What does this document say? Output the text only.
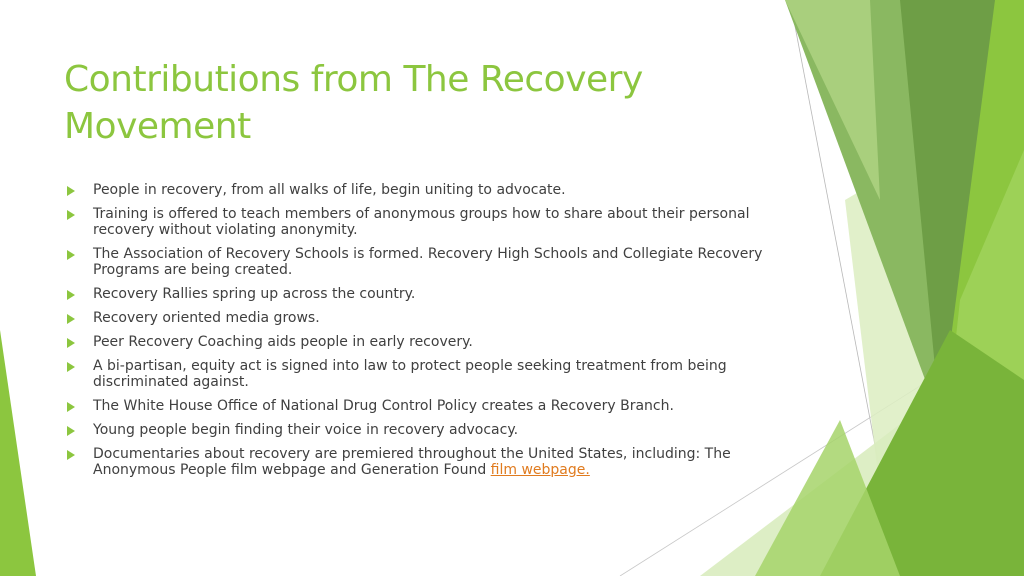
Contributions from The Recovery Movement
People in recovery, from all walks of life, begin uniting to advocate.
Training is offered to teach members of anonymous groups how to share about their personal recovery without violating anonymity.
The Association of Recovery Schools is formed. Recovery High Schools and Collegiate Recovery Programs are being created.
Recovery Rallies spring up across the country.
Recovery oriented media grows.
Peer Recovery Coaching aids people in early recovery.
A bi-partisan, equity act is signed into law to protect people seeking treatment from being discriminated against.
The White House Office of National Drug Control Policy creates a Recovery Branch.
Young people begin finding their voice in recovery advocacy.
Documentaries about recovery are premiered throughout the United States, including: The Anonymous People film webpage and Generation Found film webpage.
